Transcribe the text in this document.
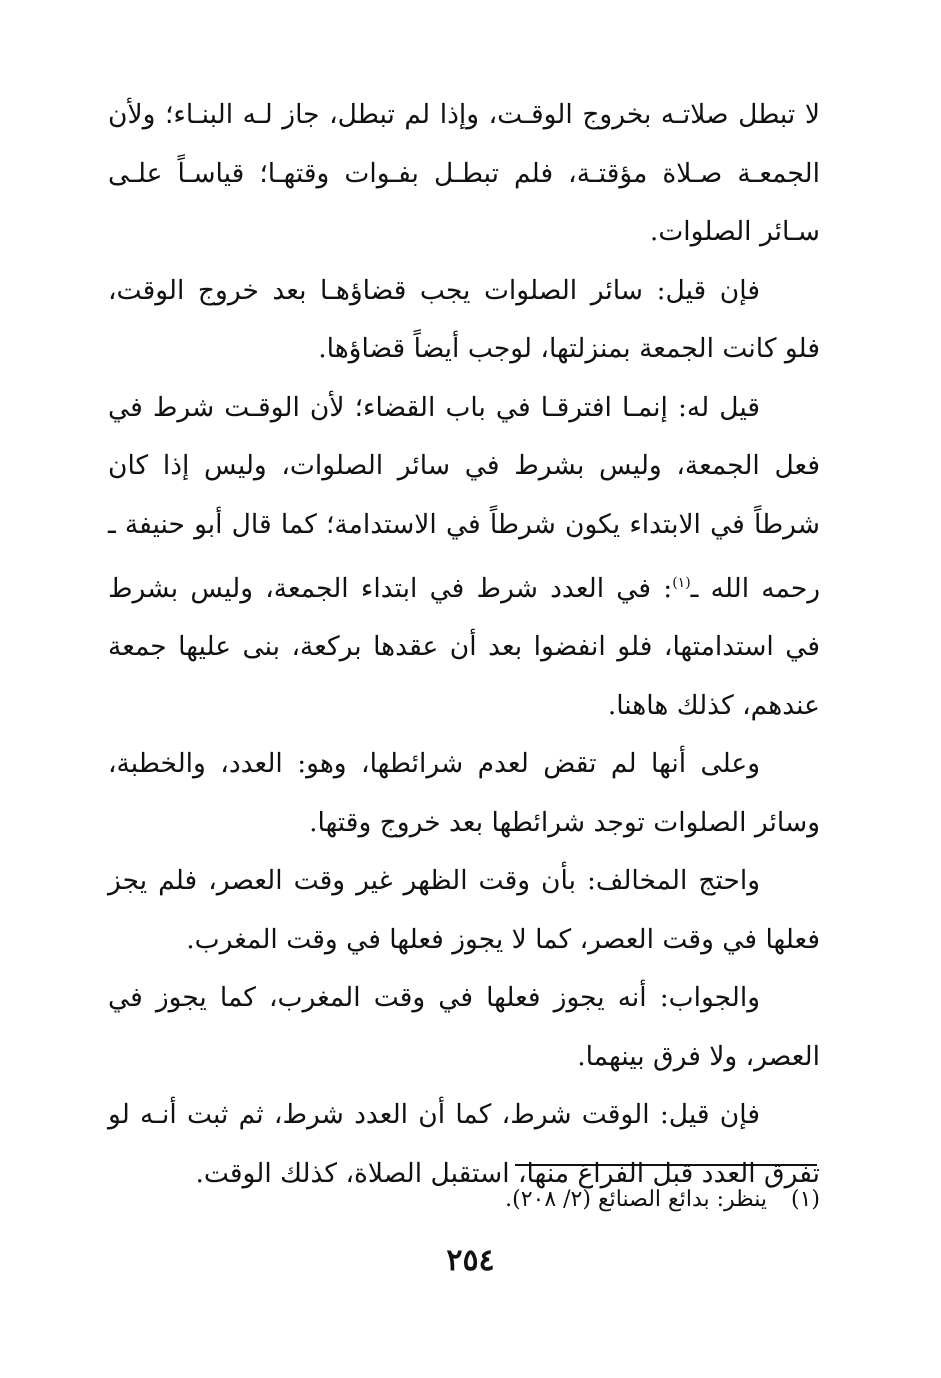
لا تبطل صلاتـه بخروج الوقـت، وإذا لم تبطل، جاز لـه البنـاء؛ ولأن الجمعـة صـلاة مؤقتـة، فلم تبطـل بفـوات وقتهـا؛ قياسـاً علـى سـائر الصلوات.

فإن قيل: سائر الصلوات يجب قضاؤهـا بعد خروج الوقت، فلو كانت الجمعة بمنزلتها، لوجب أيضاً قضاؤها.

قيل له: إنمـا افترقـا في باب القضاء؛ لأن الوقـت شرط في فعل الجمعة، وليس بشرط في سائر الصلوات، وليس إذا كان شرطاً في الابتداء يكون شرطاً في الاستدامة؛ كما قال أبو حنيفة ـ رحمه الله ـ$^{(١)}$: في العدد شرط في ابتداء الجمعة، وليس بشرط في استدامتها، فلو انفضوا بعد أن عقدها بركعة، بنى عليها جمعة عندهم، كذلك هاهنا.

وعلى أنها لم تقض لعدم شرائطها، وهو: العدد، والخطبة، وسائر الصلوات توجد شرائطها بعد خروج وقتها.

واحتج المخالف: بأن وقت الظهر غير وقت العصر، فلم يجز فعلها في وقت العصر، كما لا يجوز فعلها في وقت المغرب.

والجواب: أنه يجوز فعلها في وقت المغرب، كما يجوز في العصر، ولا فرق بينهما.

فإن قيل: الوقت شرط، كما أن العدد شرط، ثم ثبت أنـه لو تفرق العدد قبل الفراغ منها، استقبل الصلاة، كذلك الوقت.

(١)ينظر: بدائع الصنائع (٢/ ٢٠٨).
٢٥٤
